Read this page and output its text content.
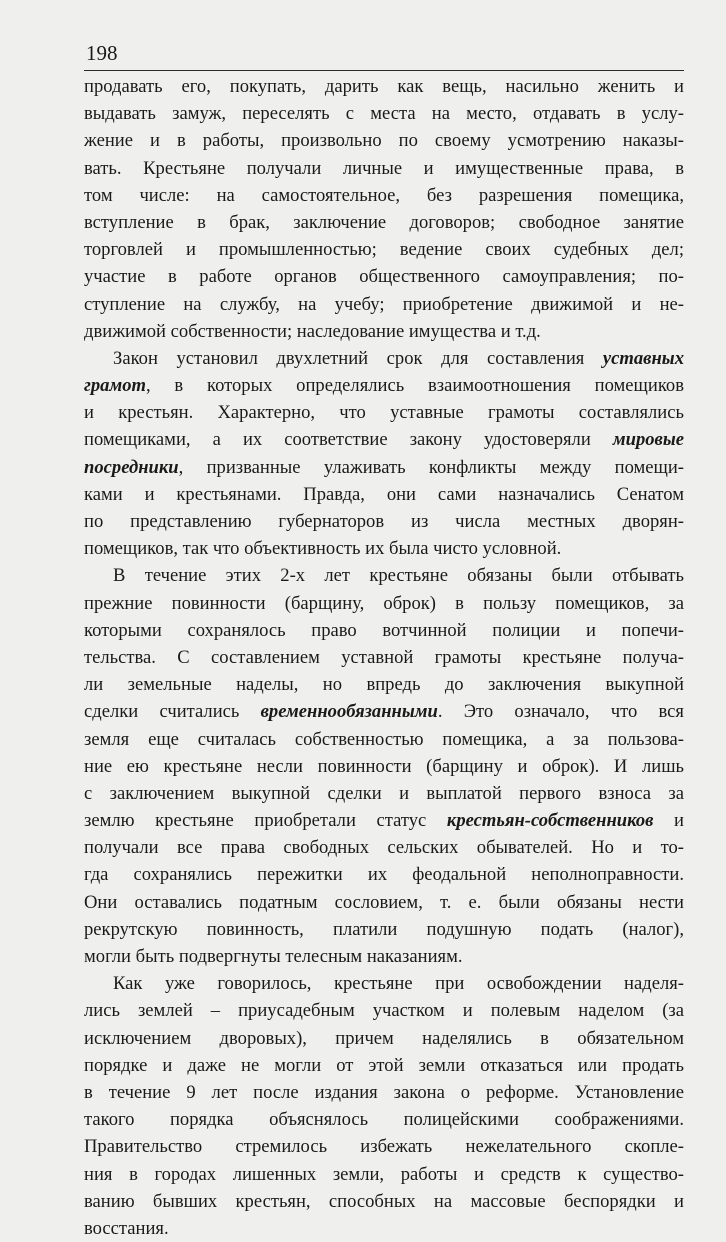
198
продавать его, покупать, дарить как вещь, насильно женить и
выдавать замуж, переселять с места на место, отдавать в услу-
жение и в работы, произвольно по своему усмотрению наказы-
вать. Крестьяне получали личные и имущественные права, в
том числе: на самостоятельное, без разрешения помещика,
вступление в брак, заключение договоров; свободное занятие
торговлей и промышленностью; ведение своих судебных дел;
участие в работе органов общественного самоуправления; по-
ступление на службу, на учебу; приобретение движимой и не-
движимой собственности; наследование имущества и т.д.
Закон установил двухлетний срок для составления уставных
грамот, в которых определялись взаимоотношения помещиков
и крестьян. Характерно, что уставные грамоты составлялись
помещиками, а их соответствие закону удостоверяли мировые
посредники, призванные улаживать конфликты между помещи-
ками и крестьянами. Правда, они сами назначались Сенатом
по представлению губернаторов из числа местных дворян-
помещиков, так что объективность их была чисто условной.
В течение этих 2-х лет крестьяне обязаны были отбывать
прежние повинности (барщину, оброк) в пользу помещиков, за
которыми сохранялось право вотчинной полиции и попечи-
тельства. С составлением уставной грамоты крестьяне получа-
ли земельные наделы, но впредь до заключения выкупной
сделки считались временнообязанными. Это означало, что вся
земля еще считалась собственностью помещика, а за пользова-
ние ею крестьяне несли повинности (барщину и оброк). И лишь
с заключением выкупной сделки и выплатой первого взноса за
землю крестьяне приобретали статус крестьян-собственников и
получали все права свободных сельских обывателей. Но и то-
гда сохранялись пережитки их феодальной неполноправности.
Они оставались податным сословием, т. е. были обязаны нести
рекрутскую повинность, платили подушную подать (налог),
могли быть подвергнуты телесным наказаниям.
Как уже говорилось, крестьяне при освобождении наделя-
лись землей – приусадебным участком и полевым наделом (за
исключением дворовых), причем наделялись в обязательном
порядке и даже не могли от этой земли отказаться или продать
в течение 9 лет после издания закона о реформе. Установление
такого порядка объяснялось полицейскими соображениями.
Правительство стремилось избежать нежелательного скопле-
ния в городах лишенных земли, работы и средств к существо-
ванию бывших крестьян, способных на массовые беспорядки и
восстания.
